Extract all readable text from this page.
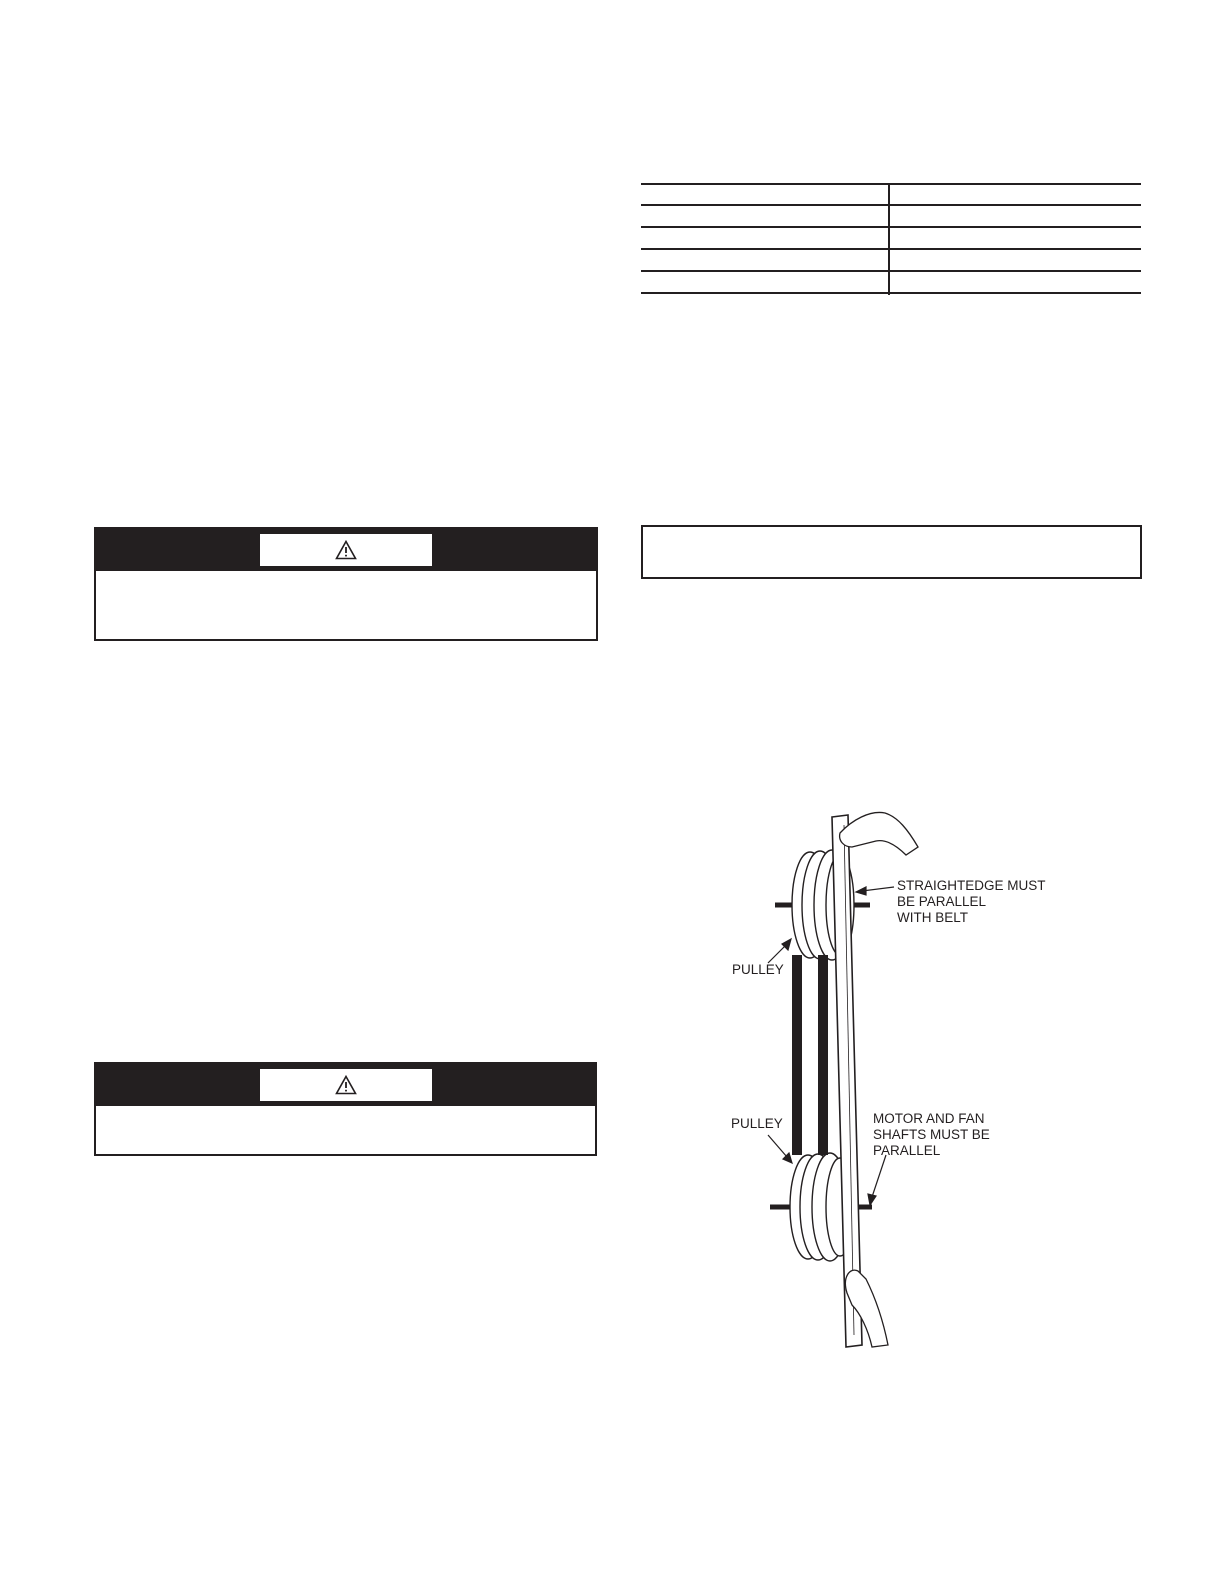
STRAIGHTEDGE MUST
BE PARALLEL
WITH BELT
PULLEY
PULLEY	MOTOR AND FAN
SHAFTS MUST BE
PARALLEL
